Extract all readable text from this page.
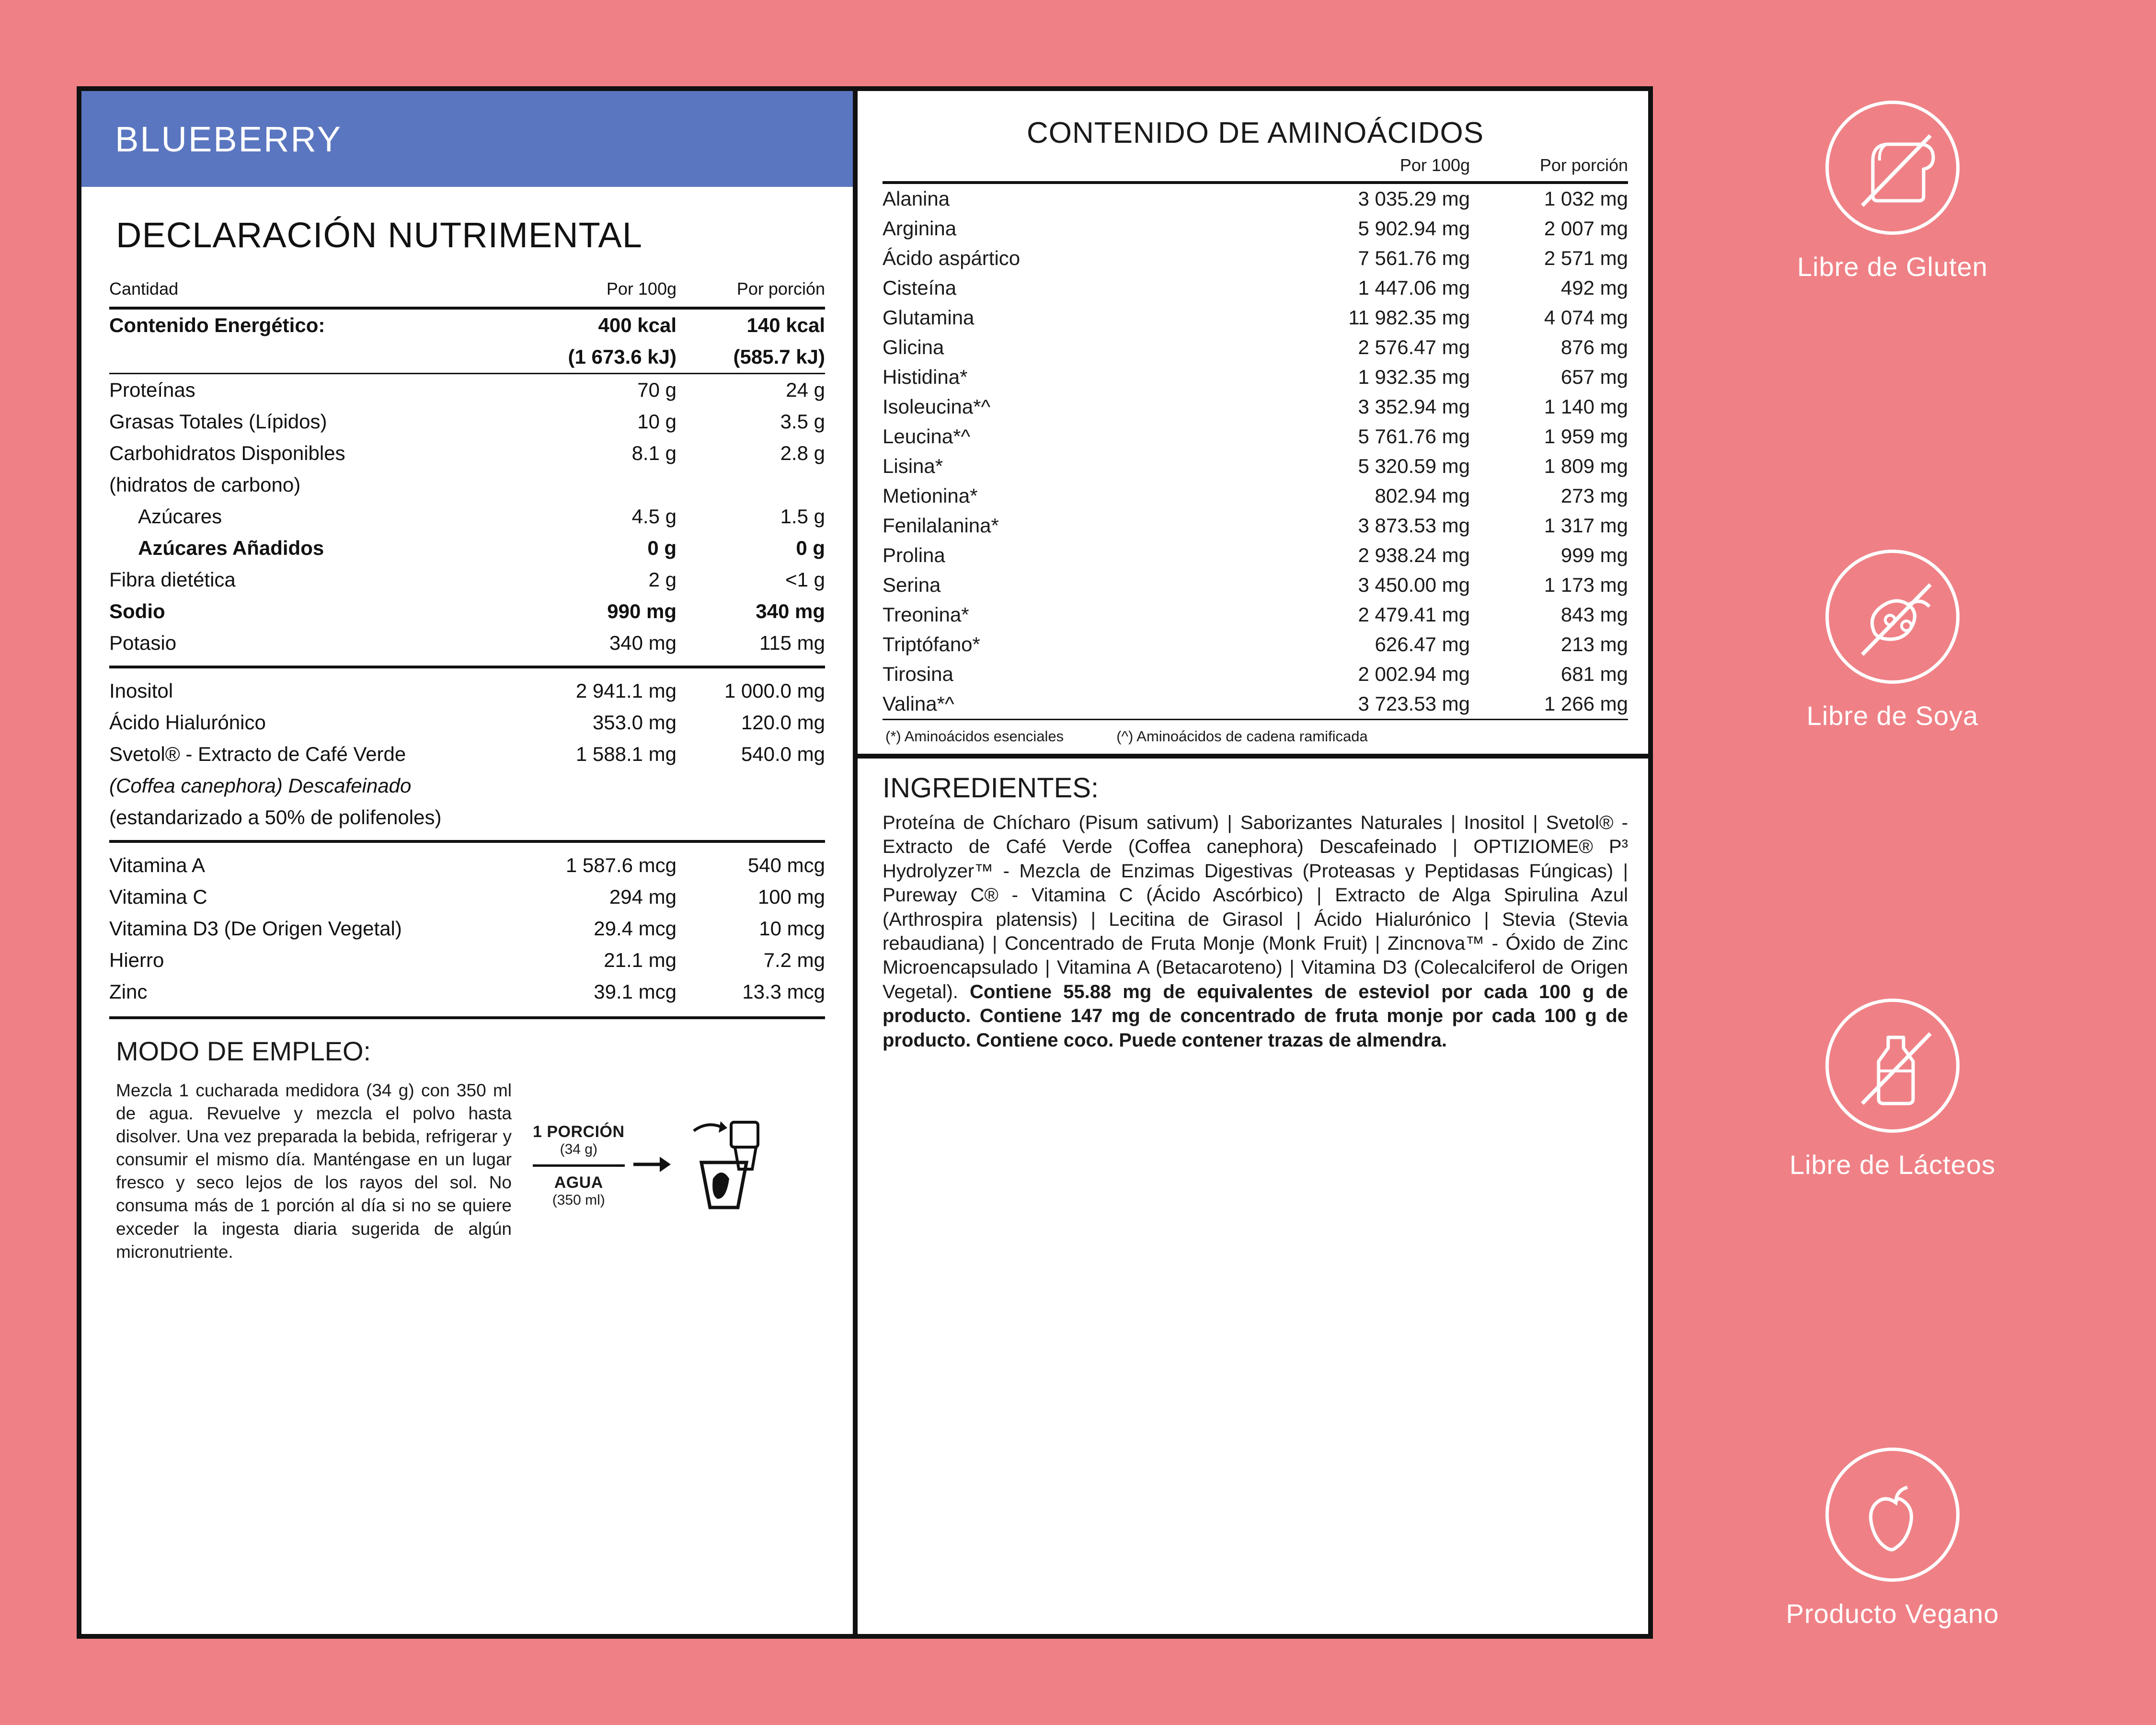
BLUEBERRY
DECLARACIÓN NUTRIMENTAL
Cantidad	Por 100g	Por porción

Contenido Energético:	400 kcal	140 kcal
	(1 673.6 kJ)	(585.7 kJ)

Proteínas	70 g	24 g
Grasas Totales (Lípidos)	10 g	3.5 g
Carbohidratos Disponibles	8.1 g	2.8 g
(hidratos de carbono)		
Azúcares	4.5 g	1.5 g
Azúcares Añadidos	0 g	0 g
Fibra dietética	2 g	<1 g
Sodio	990 mg	340 mg
Potasio	340 mg	115 mg
Inositol	2 941.1 mg	1 000.0 mg
Ácido Hialurónico	353.0 mg	120.0 mg
Svetol® - Extracto de Café Verde	1 588.1 mg	540.0 mg
(Coffea canephora) Descafeinado		
(estandarizado a 50% de polifenoles)		
Vitamina A	1 587.6 mcg	540 mcg
Vitamina C	294 mg	100 mg
Vitamina D3 (De Origen Vegetal)	29.4 mcg	10 mcg
Hierro	21.1 mg	7.2 mg
Zinc	39.1 mcg	13.3 mcg
MODO DE EMPLEO:
Mezcla 1 cucharada medidora (34 g) con 350 ml de agua. Revuelve y mezcla el polvo hasta disolver. Una vez preparada la bebida, refrigerar y consumir el mismo día. Manténgase en un lugar fresco y seco lejos de los rayos del sol. No consuma más de 1 porción al día si no se quiere exceder la ingesta diaria sugerida de algún micronutriente.
1 PORCIÓN
(34 g)
AGUA
(350 ml)
CONTENIDO DE AMINOÁCIDOS
	Por 100g	Por porción

Alanina	3 035.29 mg	1 032 mg
Arginina	5 902.94 mg	2 007 mg
Ácido aspártico	7 561.76 mg	2 571 mg
Cisteína	1 447.06 mg	492 mg
Glutamina	11 982.35 mg	4 074 mg
Glicina	2 576.47 mg	876 mg
Histidina*	1 932.35 mg	657 mg
Isoleucina*^	3 352.94 mg	1 140 mg
Leucina*^	5 761.76 mg	1 959 mg
Lisina*	5 320.59 mg	1 809 mg
Metionina*	802.94 mg	273 mg
Fenilalanina*	3 873.53 mg	1 317 mg
Prolina	2 938.24 mg	999 mg
Serina	3 450.00 mg	1 173 mg
Treonina*	2 479.41 mg	843 mg
Triptófano*	626.47 mg	213 mg
Tirosina	2 002.94 mg	681 mg
Valina*^	3 723.53 mg	1 266 mg

(*) Aminoácidos esenciales	(^) Aminoácidos de cadena ramificada
INGREDIENTES:
Proteína de Chícharo (Pisum sativum) | Saborizantes Naturales | Inositol | Svetol® - Extracto de Café Verde (Coffea canephora) Descafeinado | OPTIZIOME® P³ Hydrolyzer™ - Mezcla de Enzimas Digestivas (Proteasas y Peptidasas Fúngicas) | Pureway C® - Vitamina C (Ácido Ascórbico) | Extracto de Alga Spirulina Azul (Arthrospira platensis) | Lecitina de Girasol | Ácido Hialurónico | Stevia (Stevia rebaudiana) | Concentrado de Fruta Monje (Monk Fruit) | Zincnova™ - Óxido de Zinc Microencapsulado | Vitamina A (Betacaroteno) | Vitamina D3 (Colecalciferol de Origen Vegetal). Contiene 55.88 mg de equivalentes de esteviol por cada 100 g de producto. Contiene 147 mg de concentrado de fruta monje por cada 100 g de producto. Contiene coco. Puede contener trazas de almendra.
Libre de Gluten
Libre de Soya
Libre de Lácteos
Producto Vegano
